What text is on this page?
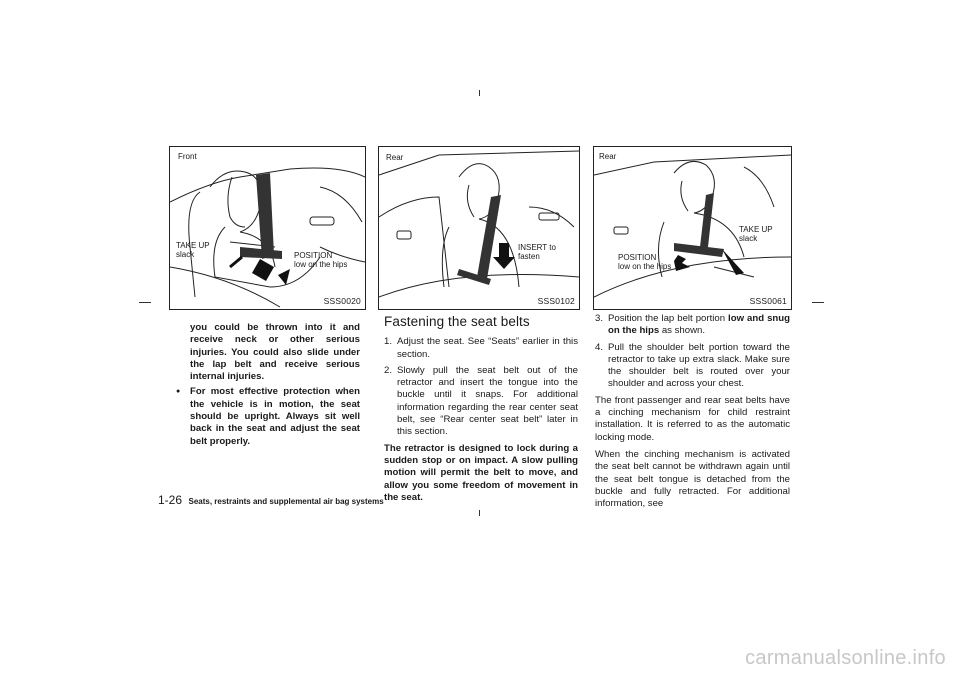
Front
TAKE UP
slack	POSITION
low on the hips
SSS0020
Rear
INSERT to
fasten
SSS0102
Rear
TAKE UP
slack
POSITION
low on the hips
SSS0061
you could be thrown into it and receive neck or other serious injuries. You could also slide under the lap belt and receive serious internal injuries.
●	For most effective protection when the vehicle is in motion, the seat should be upright. Always sit well back in the seat and adjust the seat belt properly.
Fastening the seat belts
1. Adjust the seat. See “Seats” earlier in this section.
2. Slowly pull the seat belt out of the retractor and insert the tongue into the buckle until it snaps. For additional information regarding the rear center seat belt, see “Rear center seat belt” later in this section.

The retractor is designed to lock during a sudden stop or on impact. A slow pulling motion will permit the belt to move, and allow you some freedom of movement in the seat.

3. Position the lap belt portion low and snug on the hips as shown.
4. Pull the shoulder belt portion toward the retractor to take up extra slack. Make sure the shoulder belt is routed over your shoulder and across your chest.

The front passenger and rear seat belts have a cinching mechanism for child restraint installation. It is referred to as the automatic locking mode.

When the cinching mechanism is activated the seat belt cannot be withdrawn again until the seat belt tongue is detached from the buckle and fully retracted. For additional information, see

1-26 Seats, restraints and supplemental air bag systems
carmanualsonline.info
